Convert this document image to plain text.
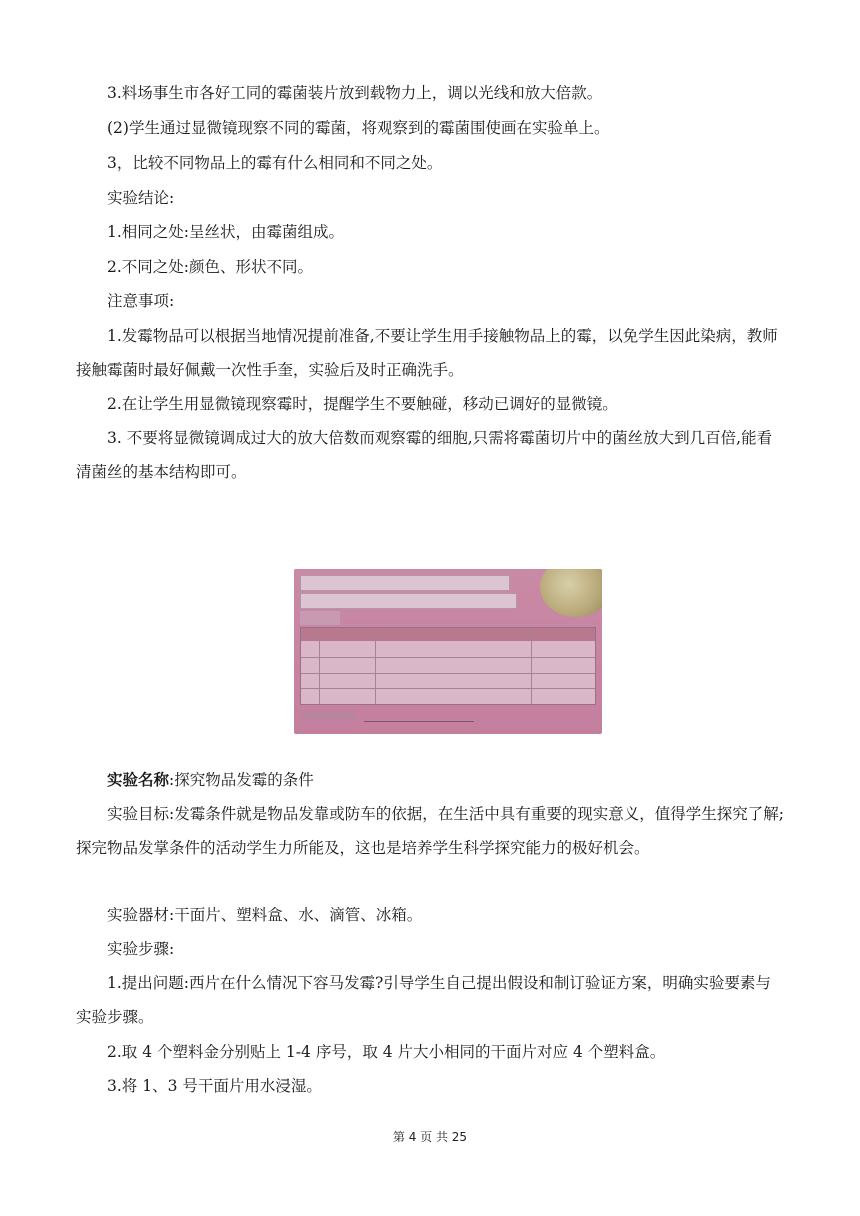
3.料场事生市各好工同的霉菌装片放到载物力上，调以光线和放大倍款。

(2)学生通过显微镜现察不同的霉菌，将观察到的霉菌围使画在实验单上。

3，比较不同物品上的霉有什么相同和不同之处。

实验结论:

1.相同之处:呈丝状，由霉菌组成。

2.不同之处:颜色、形状不同。

注意事项:

1.发霉物品可以根据当地情况提前准备,不要让学生用手接触物品上的霉，以免学生因此染病，教师接触霉菌时最好佩戴一次性手奎，实验后及时正确洗手。

2.在让学生用显微镜现察霉时，提醒学生不要触碰，移动已调好的显微镜。

3. 不要将显微镜调成过大的放大倍数而观察霉的细胞,只需将霉菌切片中的菌丝放大到几百倍,能看清菌丝的基本结构即可。

实验名称:探究物品发霉的条件

实验目标:发霉条件就是物品发靠或防车的依据，在生活中具有重要的现实意义，值得学生探究了解;探完物品发掌条件的活动学生力所能及，这也是培养学生科学探究能力的极好机会。

实验器材:干面片、塑料盒、水、滴管、冰箱。

实验步骤:

1.提出问题:西片在什么情况下容马发霉?引导学生自己提出假设和制订验证方案，明确实验要素与实验步骤。

2.取 4 个塑料金分别贴上 1-4 序号，取 4 片大小相同的干面片对应 4 个塑料盒。

3.将 1、3 号干面片用水浸湿。

第 4 页 共 25
